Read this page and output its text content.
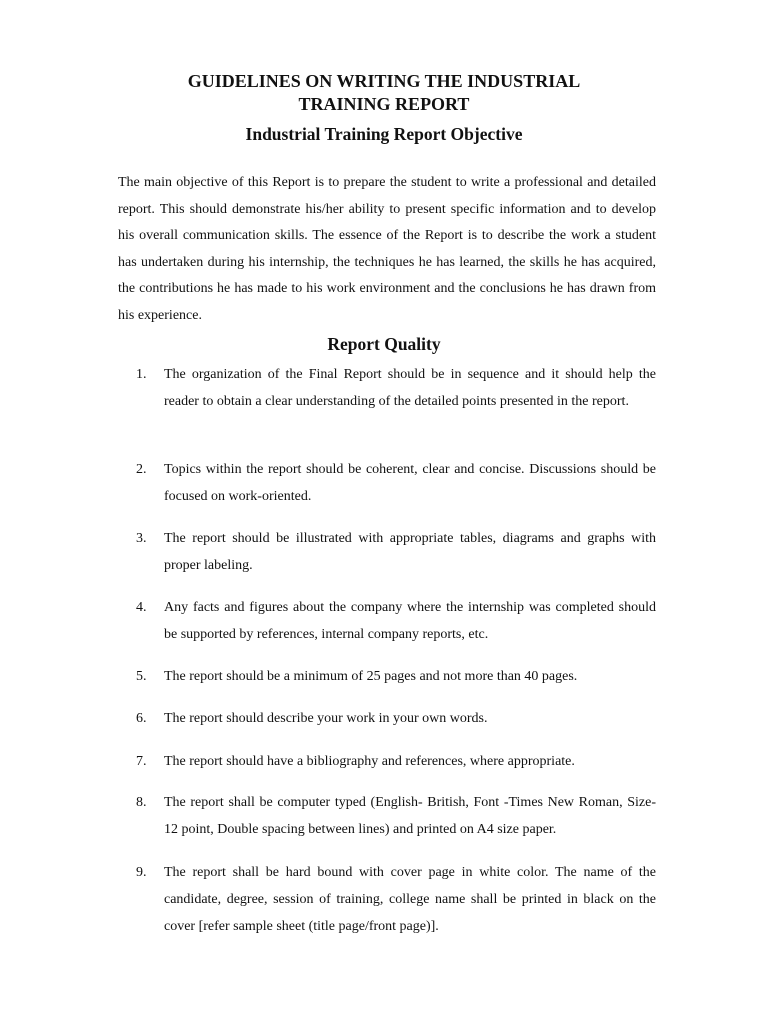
GUIDELINES ON WRITING THE INDUSTRIAL
TRAINING REPORT
Industrial Training Report Objective

The main objective of this Report is to prepare the student to write a professional and detailed report. This should demonstrate his/her ability to present specific information and to develop his overall communication skills. The essence of the Report is to describe the work a student has undertaken during his internship, the techniques he has learned, the skills he has acquired, the contributions he has made to his work environment and the conclusions he has drawn from his experience.

Report Quality
1. The organization of the Final Report should be in sequence and it should help the reader to obtain a clear understanding of the detailed points presented in the report.

2. Topics within the report should be coherent, clear and concise. Discussions should be focused on work-oriented.

3. The report should be illustrated with appropriate tables, diagrams and graphs with proper labeling.

4. Any facts and figures about the company where the internship was completed should be supported by references, internal company reports, etc.

5. The report should be a minimum of 25 pages and not more than 40 pages.

6. The report should describe your work in your own words.

7. The report should have a bibliography and references, where appropriate.

8. The report shall be computer typed (English- British, Font -Times New Roman, Size-12 point, Double spacing between lines) and printed on A4 size paper.

9. The report shall be hard bound with cover page in white color. The name of the candidate, degree, session of training, college name shall be printed in black on the cover [refer sample sheet (title page/front page)].
